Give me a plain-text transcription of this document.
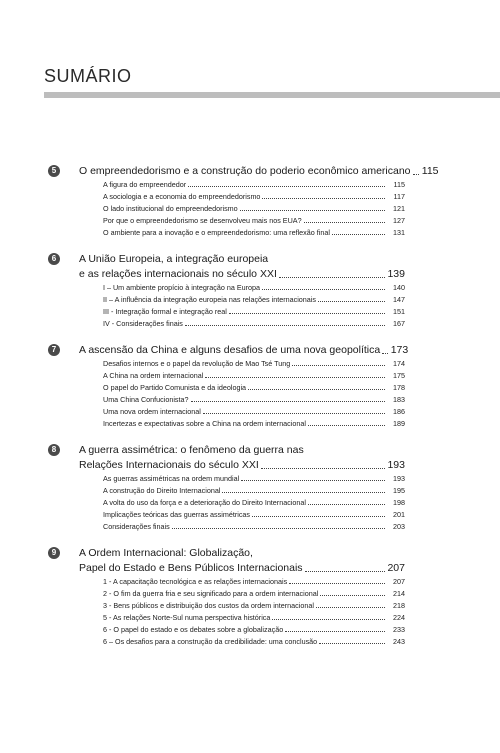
SUMÁRIO
5	O empreendedorismo e a construção do poderio econômico americano 115
A figura do empreendedor	115
A sociologia e a economia do empreendedorismo	117
O lado institucional do empreendedorismo	121
Por que o empreendedorismo se desenvolveu mais nos EUA?	127
O ambiente para a inovação e o empreendedorismo: uma reflexão final	131
6	A União Europeia, a integração europeia
e as relações internacionais no século XXI	139
I – Um ambiente propício à integração na Europa	140
II – A influência da integração europeia nas relações internacionais	147
III - Integração formal e integração real	151
IV - Considerações finais	167
7	A ascensão da China e alguns desafios de uma nova geopolítica 173
Desafios internos e o papel da revolução de Mao Tsé Tung	174
A China na ordem internacional	175
O papel do Partido Comunista e da ideologia	178
Uma China Confucionista?	183
Uma nova ordem internacional	186
Incertezas e expectativas sobre a China na ordem internacional	189
8	A guerra assimétrica: o fenômeno da guerra nas
Relações Internacionais do século XXI	193
As guerras assimétricas na ordem mundial	193
A construção do Direito Internacional	195
A volta do uso da força e a deterioração do Direito Internacional	198
Implicações teóricas das guerras assimétricas	201
Considerações finais	203
9	A Ordem Internacional: Globalização,
Papel do Estado e Bens Públicos Internacionais	207
1 - A capacitação tecnológica e as relações internacionais	207
2 - O fim da guerra fria e seu significado para a ordem internacional	214
3 - Bens públicos e distribuição dos custos da ordem internacional	218
5 - As relações Norte-Sul numa perspectiva histórica	224
6 - O papel do estado e os debates sobre a globalização	233
6 – Os desafios para a construção da credibilidade: uma conclusão	243
